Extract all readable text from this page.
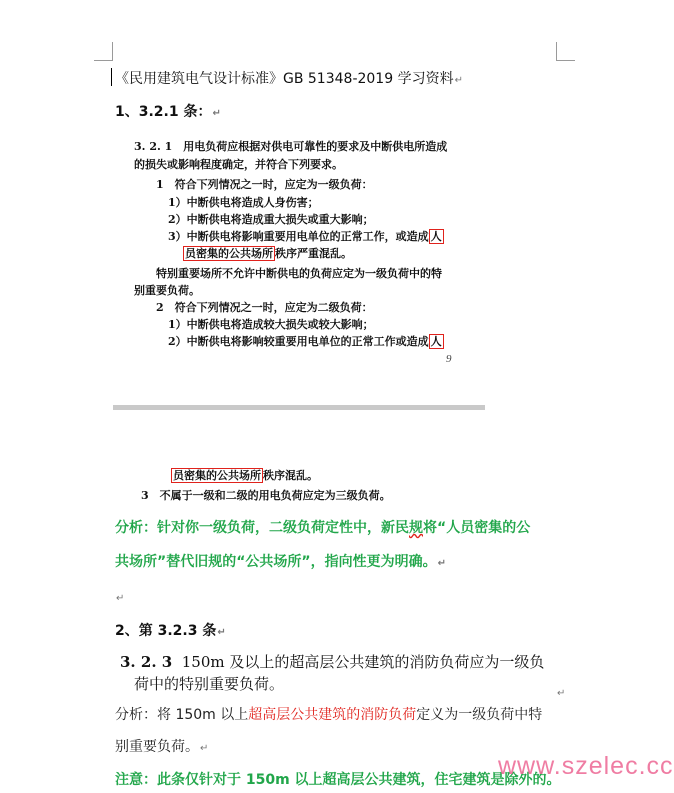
《民用建筑电气设计标准》GB 51348-2019 学习资料↵
1、3.2.1 条：↵
3. 2. 1　用电负荷应根据对供电可靠性的要求及中断供电所造成
的损失或影响程度确定，并符合下列要求。
1　符合下列情况之一时，应定为一级负荷：
1）中断供电将造成人身伤害；
2）中断供电将造成重大损失或重大影响；
3）中断供电将影响重要用电单位的正常工作，或造成 人
员密集的公共场所 秩序严重混乱。
特别重要场所不允许中断供电的负荷应定为一级负荷中的特
别重要负荷。
2　符合下列情况之一时，应定为二级负荷：
1）中断供电将造成较大损失或较大影响；
2）中断供电将影响较重要用电单位的正常工作或造成 人
9
员密集的公共场所 秩序混乱。
3　不属于一级和二级的用电负荷应定为三级负荷。
分析：针对你一级负荷，二级负荷定性中，新民规将“人员密集的公
共场所”替代旧规的“公共场所”，指向性更为明确。↵
↵
2、第 3.2.3 条↵
3. 2. 3 150m 及以上的超高层公共建筑的消防负荷应为一级负
荷中的特别重要负荷。
↵
分析：将 150m 以上超高层公共建筑的消防负荷定义为一级负荷中特
别重要负荷。↵
注意：此条仅针对于 150m 以上超高层公共建筑，住宅建筑是除外的。
www.szelec.cc
